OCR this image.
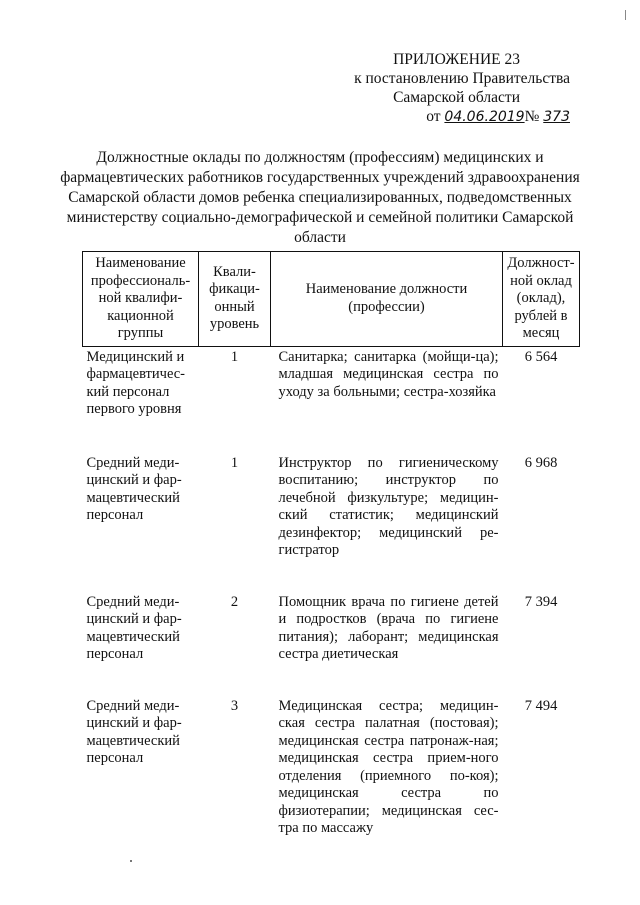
ПРИЛОЖЕНИЕ 23
к постановлению Правительства
Самарской области
от 04.06.2019№ 373
Должностные оклады по должностям (профессиям) медицинских и фармацевтических работников государственных учреждений здравоохранения Самарской области домов ребенка специализированных, подведомственных министерству социально-демографической и семейной политики Самарской области
Наименование профессиональ-ной квалифи-кационной группы	Квали-фикаци-онный уровень	Наименование должности (профессии)	Должност-ной оклад (оклад), рублей в месяц
Медицинский и фармацевтичес-кий персонал первого уровня	1	Санитарка; санитарка (мойщи-ца); младшая медицинская сестра по уходу за больными; сестра-хозяйка	6 564
Средний меди-цинский и фар-мацевтический персонал	1	Инструктор по гигиеническому воспитанию; инструктор по лечебной физкультуре; медицин-ский статистик; медицинский дезинфектор; медицинский ре-гистратор	6 968
Средний меди-цинский и фар-мацевтический персонал	2	Помощник врача по гигиене детей и подростков (врача по гигиене питания); лаборант; медицинская сестра диетическая	7 394
Средний меди-цинский и фар-мацевтический персонал	3	Медицинская сестра; медицин-ская сестра палатная (постовая); медицинская сестра патронаж-ная; медицинская сестра прием-ного отделения (приемного по-коя); медицинская сестра по физиотерапии; медицинская сес-тра по массажу	7 494
